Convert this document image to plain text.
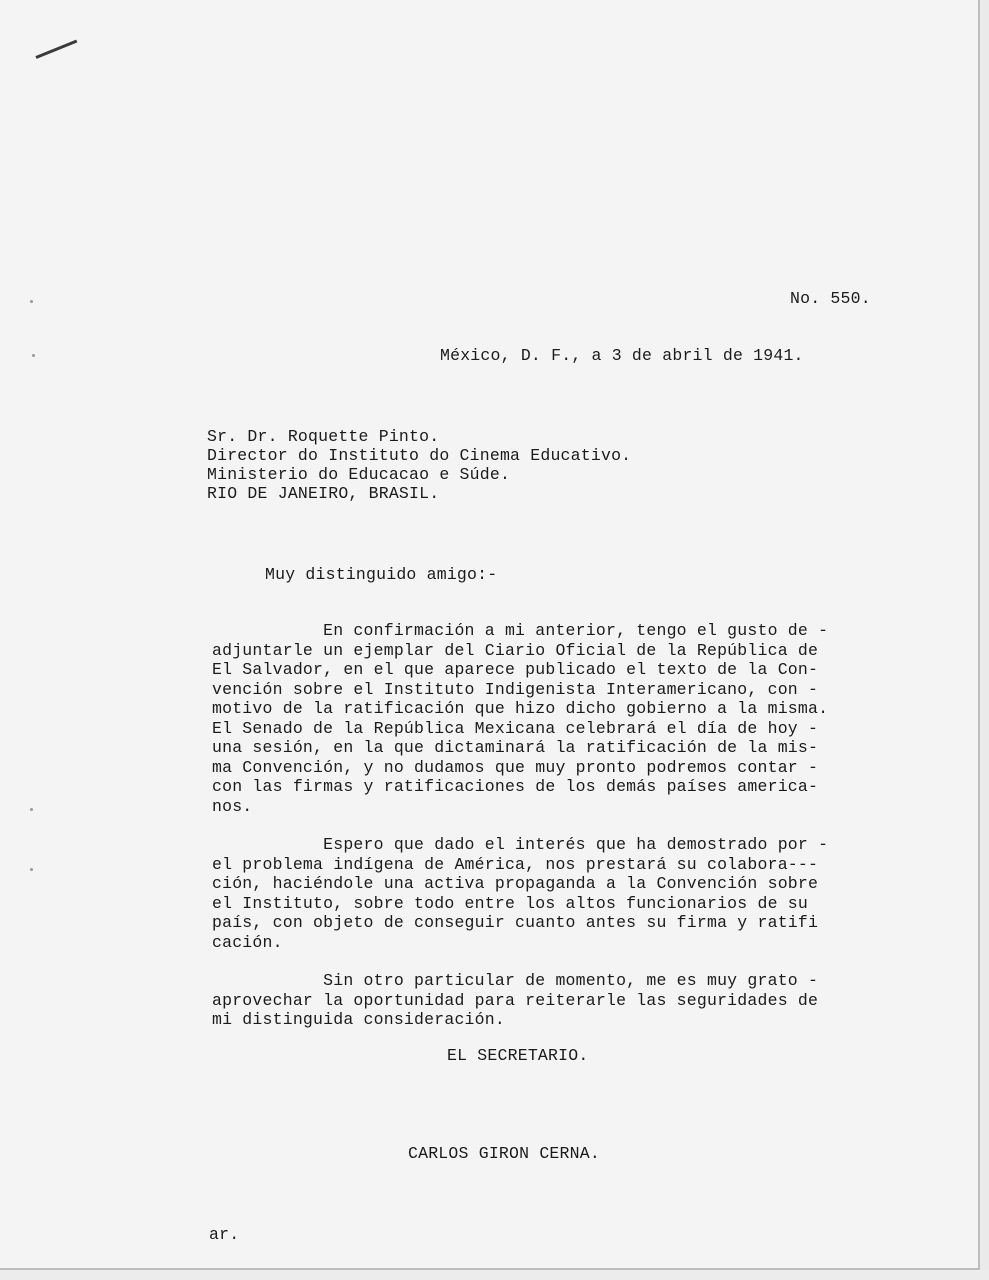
No. 550.

México, D. F., a 3 de abril de 1941.

Sr. Dr. Roquette Pinto.

Director do Instituto do Cinema Educativo.

Ministerio do Educacao e Súde.

RIO DE JANEIRO, BRASIL.

Muy distinguido amigo:-

En confirmación a mi anterior, tengo el gusto de -
adjuntarle un ejemplar del Ciario Oficial de la República de
El Salvador, en el que aparece publicado el texto de la Con-
vención sobre el Instituto Indigenista Interamericano, con -
motivo de la ratificación que hizo dicho gobierno a la misma.
El Senado de la República Mexicana celebrará el día de hoy -
una sesión, en la que dictaminará la ratificación de la mis-
ma Convención, y no dudamos que muy pronto podremos contar -
con las firmas y ratificaciones de los demás países america-
nos.

Espero que dado el interés que ha demostrado por -
el problema indígena de América, nos prestará su colabora---
ción, haciéndole una activa propaganda a la Convención sobre
el Instituto, sobre todo entre los altos funcionarios de su
país, con objeto de conseguir cuanto antes su firma y ratifi
cación.

Sin otro particular de momento, me es muy grato -
aprovechar la oportunidad para reiterarle las seguridades de
mi distinguida consideración.

EL SECRETARIO.

CARLOS GIRON CERNA.

ar.
